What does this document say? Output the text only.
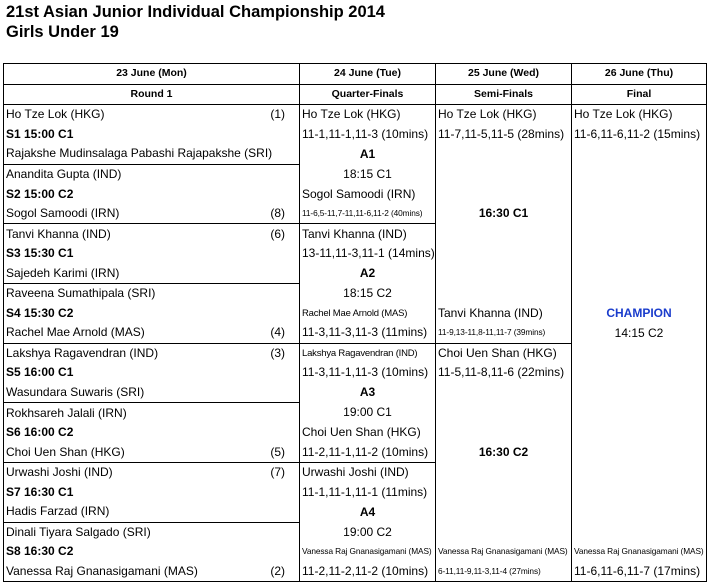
21st Asian Junior Individual Championship 2014
Girls Under 19
23 June (Mon)	24 June (Tue)	25 June (Wed)	26 June (Thu)
Round 1	Quarter-Finals	Semi-Finals	Final
Ho Tze Lok (HKG) (1)	Ho Tze Lok (HKG)	Ho Tze Lok (HKG)	Ho Tze Lok (HKG)
S1 15:00 C1	11-1,11-1,11-3 (10mins)	11-7,11-5,11-5 (28mins)	11-6,11-6,11-2 (15mins)
Rajakshe Mudinsalaga Pabashi Rajapakshe (SRI)	A1		
Anandita Gupta (IND)	18:15 C1		
S2 15:00 C2	Sogol Samoodi (IRN)		
Sogol Samoodi (IRN) (8)	11-6,5-11,7-11,11-6,11-2 (40mins)	16:30 C1	
Tanvi Khanna (IND) (6)	Tanvi Khanna (IND)		
S3 15:30 C1	13-11,11-3,11-1 (14mins)		
Sajedeh Karimi (IRN)	A2		
Raveena Sumathipala (SRI)	18:15 C2		
S4 15:30 C2	Rachel Mae Arnold (MAS)	Tanvi Khanna (IND)	CHAMPION
Rachel Mae Arnold (MAS) (4)	11-3,11-3,11-3 (11mins)	11-9,13-11,8-11,11-7 (39mins)	14:15 C2
Lakshya Ragavendran (IND) (3)	Lakshya Ragavendran (IND)	Choi Uen Shan (HKG)	
S5 16:00 C1	11-3,11-1,11-3 (10mins)	11-5,11-8,11-6 (22mins)	
Wasundara Suwaris (SRI)	A3		
Rokhsareh Jalali (IRN)	19:00 C1		
S6 16:00 C2	Choi Uen Shan (HKG)		
Choi Uen Shan (HKG) (5)	11-2,11-1,11-2 (10mins)	16:30 C2	
Urwashi Joshi (IND) (7)	Urwashi Joshi (IND)		
S7 16:30 C1	11-1,11-1,11-1 (11mins)		
Hadis Farzad (IRN)	A4		
Dinali Tiyara Salgado (SRI)	19:00 C2		
S8 16:30 C2	Vanessa Raj Gnanasigamani (MAS)	Vanessa Raj Gnanasigamani (MAS)	Vanessa Raj Gnanasigamani (MAS)
Vanessa Raj Gnanasigamani (MAS) (2)	11-2,11-2,11-2 (10mins)	6-11,11-9,11-3,11-4 (27mins)	11-6,11-6,11-7 (17mins)
